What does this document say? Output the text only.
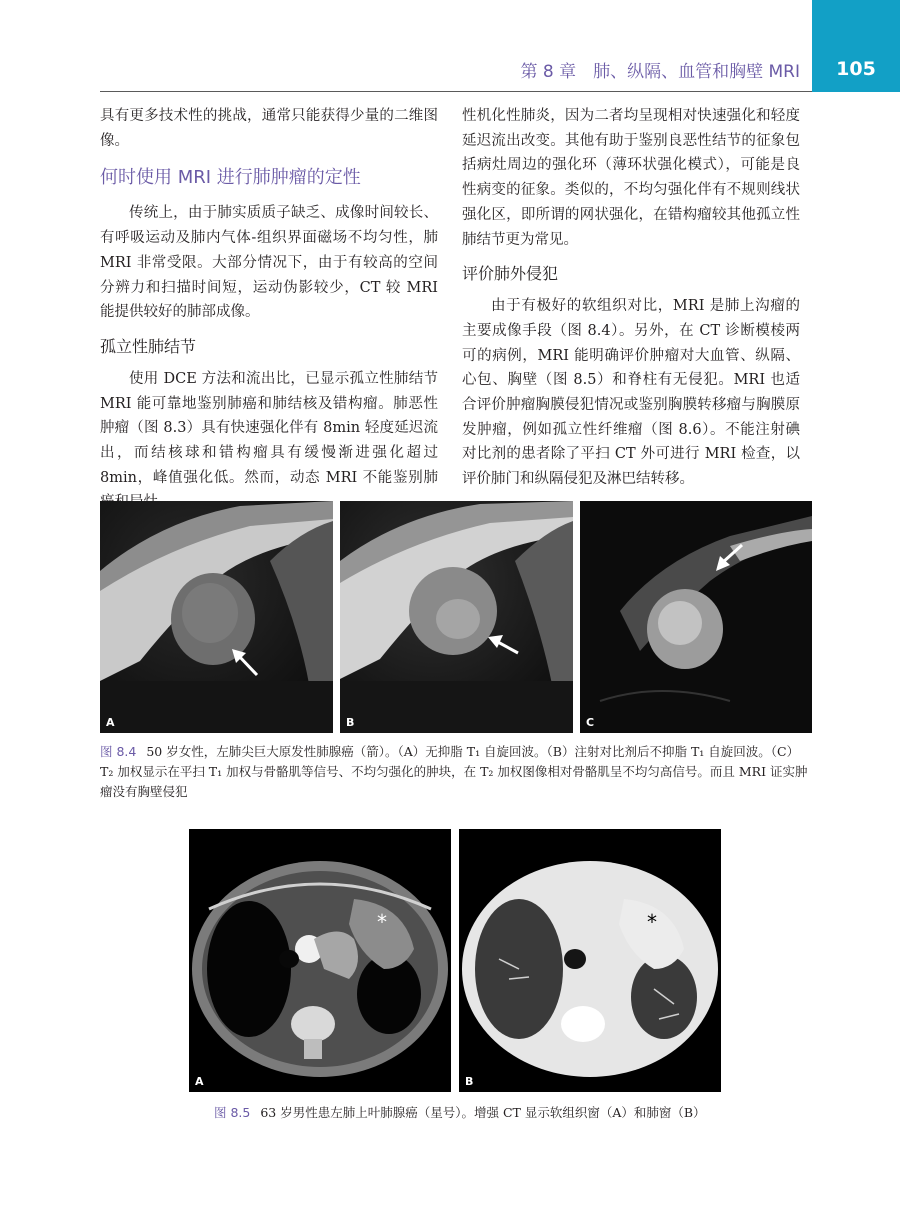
第 8 章　肺、纵隔、血管和胸壁 MRI	105

具有更多技术性的挑战，通常只能获得少量的二维图像。

何时使用 MRI 进行肺肿瘤的定性

传统上，由于肺实质质子缺乏、成像时间较长、有呼吸运动及肺内气体-组织界面磁场不均匀性，肺 MRI 非常受限。大部分情况下，由于有较高的空间分辨力和扫描时间短，运动伪影较少，CT 较 MRI 能提供较好的肺部成像。

孤立性肺结节

使用 DCE 方法和流出比，已显示孤立性肺结节 MRI 能可靠地鉴别肺癌和肺结核及错构瘤。肺恶性肿瘤（图 8.3）具有快速强化伴有 8min 轻度延迟流出，而结核球和错构瘤具有缓慢渐进强化超过 8min，峰值强化低。然而，动态 MRI 不能鉴别肺

性机化性肺炎，因为二者均呈现相对快速强化和轻度延迟流出改变。其他有助于鉴别良恶性结节的征象包括病灶周边的强化环（薄环状强化模式），可能是良性病变的征象。类似的，不均匀强化伴有不规则线状强化区，即所谓的网状强化，在错构瘤较其他孤立性肺结节更为常见。

评价肺外侵犯

由于有极好的软组织对比，MRI 是肺上沟瘤的主要成像手段（图 8.4）。另外，在 CT 诊断模棱两可的病例，MRI 能明确评价肿瘤对大血管、纵隔、心包、胸壁（图 8.5）和脊柱有无侵犯。MRI 也适合评价肿瘤胸膜侵犯情况或鉴别胸膜转移瘤与胸膜原发肿瘤，例如孤立性纤维瘤（图 8.6）。不能注射碘对比剂的患者除了平扫 CT 外可进行 MRI 检查，以评价肺门和纵隔侵犯及淋巴结转移。

A	B	C
图 8.4 50 岁女性，左肺尖巨大原发性肺腺癌（箭）。（A）无抑脂 T₁ 自旋回波。（B）注射对比剂后不抑脂 T₁ 自旋回波。（C）T₂ 加权显示在平扫 T₁ 加权与骨骼肌等信号、不均匀强化的肿块，在 T₂ 加权图像相对骨骼肌呈不均匀高信号。而且 MRI 证实肿瘤没有胸壁侵犯
*
A
*
B
图 8.5 63 岁男性患左肺上叶肺腺癌（星号）。增强 CT 显示软组织窗（A）和肺窗（B）
